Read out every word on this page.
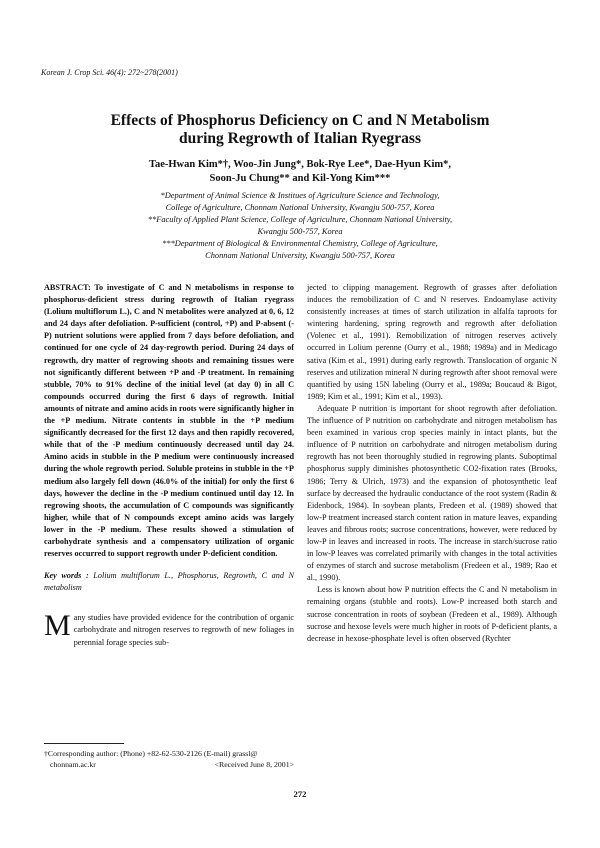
Korean J. Crop Sci. 46(4): 272~278(2001)
Effects of Phosphorus Deficiency on C and N Metabolism
during Regrowth of Italian Ryegrass
Tae-Hwan Kim*†, Woo-Jin Jung*, Bok-Rye Lee*, Dae-Hyun Kim*,
Soon-Ju Chung** and Kil-Yong Kim***
*Department of Animal Science & Institues of Agriculture Science and Technology,
College of Agriculture, Chonnam National University, Kwangju 500-757, Korea
**Faculty of Applied Plant Science, College of Agriculture, Chonnam National University,
Kwangju 500-757, Korea
***Department of Biological & Environmental Chemistry, College of Agriculture,
Chonnam National University, Kwangju 500-757, Korea
ABSTRACT: To investigate of C and N metabolisms in response to phosphorus-deficient stress during regrowth of Italian ryegrass (Lolium multiflorum L.), C and N metabolites were analyzed at 0, 6, 12 and 24 days after defoliation. P-sufficient (control, +P) and P-absent (-P) nutrient solutions were applied from 7 days before defoliation, and continued for one cycle of 24 day-regrowth period. During 24 days of regrowth, dry matter of regrowing shoots and remaining tissues were not significantly different between +P and -P treatment. In remaining stubble, 70% to 91% decline of the initial level (at day 0) in all C compounds occurred during the first 6 days of regrowth. Initial amounts of nitrate and amino acids in roots were significantly higher in the +P medium. Nitrate contents in stubble in the +P medium significantly decreased for the first 12 days and then rapidly recovered, while that of the -P medium continuously decreased until day 24. Amino acids in stubble in the P medium were continuously increased during the whole regrowth period. Soluble proteins in stubble in the +P medium also largely fell down (46.0% of the initial) for only the first 6 days, however the decline in the -P medium continued until day 12. In regrowing shoots, the accumulation of C compounds was significantly higher, while that of N compounds except amino acids was largely lower in the -P medium. These results showed a stimulation of carbohydrate synthesis and a compensatory utilization of organic reserves occurred to support regrowth under P-deficient condition.
Key words : Lolium multiflorum L., Phosphorus, Regrowth, C and N metabolism
M any studies have provided evidence for the contribution of organic carbohydrate and nitrogen reserves to regrowth of new foliages in perennial forage species sub-
†Corresponding author: (Phone) +82-62-530-2126 (E-mail) grassl@
chonnam.ac.kr	<Received June 8, 2001>

jected to clipping management. Regrowth of grasses after defoliation induces the remobilization of C and N reserves. Endoamylase activity consistently increases at times of starch utilization in alfalfa taproots for wintering hardening, spring regrowth and regrowth after defoliation (Volenec et al., 1991). Remobilization of nitrogen reserves actively occurred in Lolium perenne (Ourry et al., 1988; 1989a) and in Medicago sativa (Kim et al., 1991) during early regrowth. Translocation of organic N reserves and utilization mineral N during regrowth after shoot removal were quantified by using 15N labeling (Ourry et al., 1989a; Boucaud & Bigot, 1989; Kim et al., 1991; Kim et al., 1993).

Adequate P nutrition is important for shoot regrowth after defoliation. The influence of P nutrition on carbohydrate and nitrogen metabolism has been examined in various crop species mainly in intact plants, but the influence of P nutrition on carbohydrate and nitrogen metabolism during regrowth has not been thoroughly studied in regrowing plants. Suboptimal phosphorus supply diminishes photosynthetic CO2-fixation rates (Brooks, 1986; Terry & Ulrich, 1973) and the expansion of photosynthetic leaf surface by decreased the hydraulic conductance of the root system (Radin & Eidenbock, 1984). In soybean plants, Fredeen et al. (1989) showed that low-P treatment increased starch content ration in mature leaves, expanding leaves and fibrous roots; sucrose concentrations, however, were reduced by low-P in leaves and increased in roots. The increase in starch/sucrose ratio in low-P leaves was correlated primarily with changes in the total activities of enzymes of starch and sucrose metabolism (Fredeen et al., 1989; Rao et al., 1990).

Less is known about how P nutrition effects the C and N metabolism in remaining organs (stubble and roots). Low-P increased both starch and sucrose concentration in roots of soybean (Fredeen et al., 1989). Although sucrose and hexose levels were much higher in roots of P-deficient plants, a decrease in hexose-phosphate level is often observed (Rychter

272
